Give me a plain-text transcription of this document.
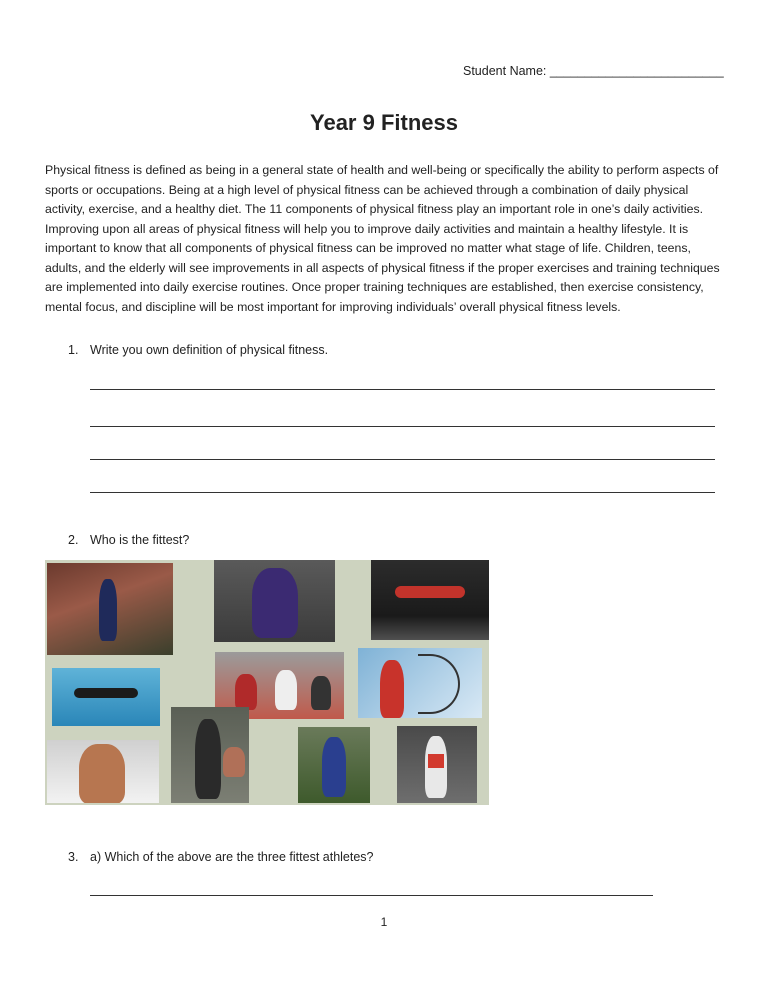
Student Name: _________________________
Year 9 Fitness
Physical fitness is defined as being in a general state of health and well-being or specifically the ability to perform aspects of sports or occupations. Being at a high level of physical fitness can be achieved through a combination of daily physical activity, exercise, and a healthy diet. The 11 components of physical fitness play an important role in one’s daily activities. Improving upon all areas of physical fitness will help you to improve daily activities and maintain a healthy lifestyle. It is important to know that all components of physical fitness can be improved no matter what stage of life. Children, teens, adults, and the elderly will see improvements in all aspects of physical fitness if the proper exercises and training techniques are implemented into daily exercise routines. Once proper training techniques are established, then exercise consistency, mental focus, and discipline will be most important for improving individuals’ overall physical fitness levels.
1. Write you own definition of physical fitness.
2. Who is the fittest?
3. a) Which of the above are the three fittest athletes?
1
